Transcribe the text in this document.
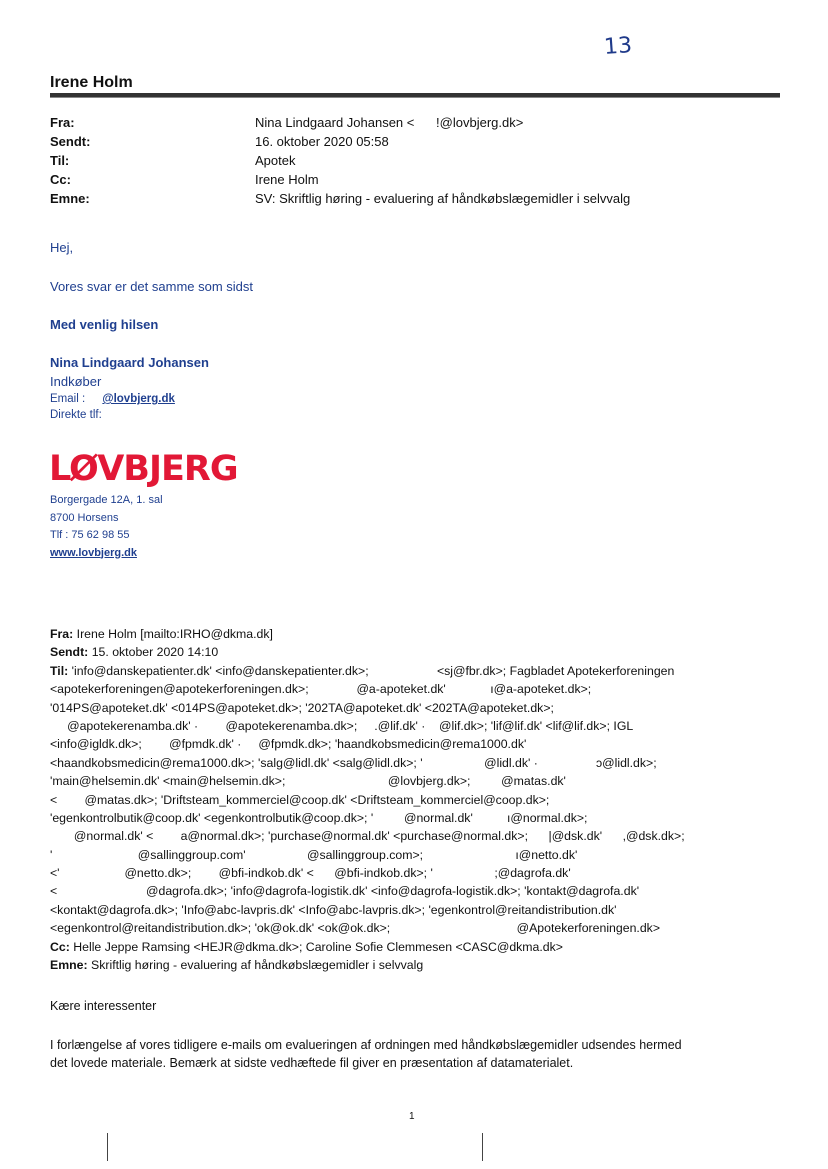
13
Irene Holm
Fra:	Nina Lindgaard Johansen <      !@lovbjerg.dk>
Sendt:	16. oktober 2020 05:58
Til:	Apotek
Cc:	Irene Holm
Emne:	SV: Skriftlig høring - evaluering af håndkøbslægemidler i selvvalg
Hej,
Vores svar er det samme som sidst
Med venlig hilsen
Nina Lindgaard Johansen
Indkøber
Email : @lovbjerg.dk
Direkte tlf:
LØVBJERG
Borgergade 12A, 1. sal
8700 Horsens
Tlf : 75 62 98 55
www.lovbjerg.dk
Fra: Irene Holm [mailto:IRHO@dkma.dk]
Sendt: 15. oktober 2020 14:10
Til: 'info@danskepatienter.dk' <info@danskepatienter.dk>;                    <sj@fbr.dk>; Fagbladet Apotekerforeningen
<apotekerforeningen@apotekerforeningen.dk>;              @a-apoteket.dk'             ı@a-apoteket.dk>;
'014PS@apoteket.dk' <014PS@apoteket.dk>; '202TA@apoteket.dk' <202TA@apoteket.dk>;
@apotekerenamba.dk' ·        @apotekerenamba.dk>;     .@lif.dk' ·    @lif.dk>; 'lif@lif.dk' <lif@lif.dk>; IGL
<info@igldk.dk>;        @fpmdk.dk' ·     @fpmdk.dk>; 'haandkobsmedicin@rema1000.dk'
<haandkobsmedicin@rema1000.dk>; 'salg@lidl.dk' <salg@lidl.dk>; '                  @lidl.dk' ·                 ɔ@lidl.dk>;
'main@helsemin.dk' <main@helsemin.dk>;                              @lovbjerg.dk>;         @matas.dk'
<        @matas.dk>; 'Driftsteam_kommerciel@coop.dk' <Driftsteam_kommerciel@coop.dk>;
'egenkontrolbutik@coop.dk' <egenkontrolbutik@coop.dk>; '         @normal.dk'          ı@normal.dk>;
@normal.dk' <        a@normal.dk>; 'purchase@normal.dk' <purchase@normal.dk>;      |@dsk.dk'      ,@dsk.dk>;
'                         @sallinggroup.com'                  @sallinggroup.com>;                           ı@netto.dk'
<'                   @netto.dk>;        @bfi-indkob.dk' <      @bfi-indkob.dk>; '                  ;@dagrofa.dk'
<                          @dagrofa.dk>; 'info@dagrofa-logistik.dk' <info@dagrofa-logistik.dk>; 'kontakt@dagrofa.dk'
<kontakt@dagrofa.dk>; 'Info@abc-lavpris.dk' <Info@abc-lavpris.dk>; 'egenkontrol@reitandistribution.dk'
<egenkontrol@reitandistribution.dk>; 'ok@ok.dk' <ok@ok.dk>;                                     @Apotekerforeningen.dk>
Cc: Helle Jeppe Ramsing <HEJR@dkma.dk>; Caroline Sofie Clemmesen <CASC@dkma.dk>
Emne: Skriftlig høring - evaluering af håndkøbslægemidler i selvvalg
Kære interessenter
I forlængelse af vores tidligere e-mails om evalueringen af ordningen med håndkøbslægemidler udsendes hermed
det lovede materiale. Bemærk at sidste vedhæftede fil giver en præsentation af datamaterialet.
1
